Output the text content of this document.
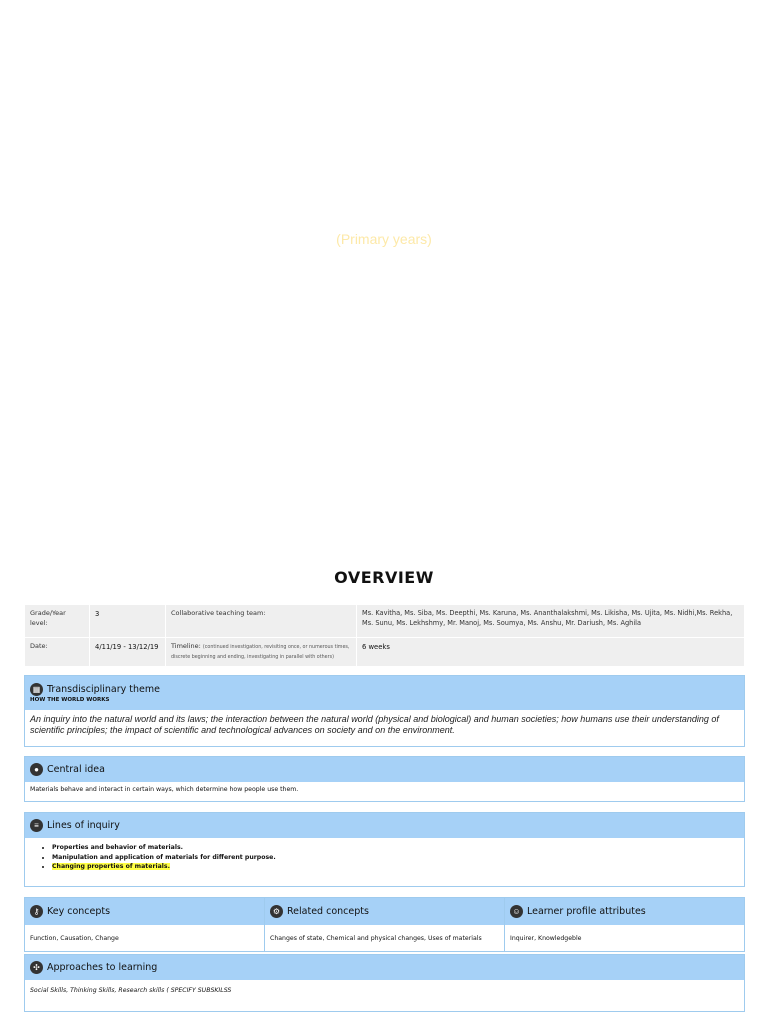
(Primary years)
OVERVIEW
Grade/Year level:	3	Collaborative teaching team:	Ms. Kavitha, Ms. Siba, Ms. Deepthi, Ms. Karuna, Ms. Ananthalakshmi, Ms. Likisha, Ms. Ujita, Ms. Nidhi,Ms. Rekha, Ms. Sunu, Ms. Lekhshmy, Mr. Manoj, Ms. Soumya, Ms. Anshu, Mr. Dariush, Ms. Aghila
Date:	4/11/19 - 13/12/19	Timeline: (continued investigation, revisiting once, or numerous times, discrete beginning and ending, investigating in parallel with others)	6 weeks
▦ Transdisciplinary theme
HOW THE WORLD WORKS
An inquiry into the natural world and its laws; the interaction between the natural world (physical and biological) and human societies; how humans use their understanding of scientific principles; the impact of scientific and technological advances on society and on the environment.
● Central idea
Materials behave and interact in certain ways, which determine how people use them.
≡ Lines of inquiry
• Properties and behavior of materials.
• Manipulation and application of materials for different purpose.
• Changing properties of materials.
⚷ Key concepts
Function, Causation, Change
⚙ Related concepts
Changes of state, Chemical and physical changes, Uses of materials
☺ Learner profile attributes
Inquirer, Knowledgeble
✣ Approaches to learning
Social Skills, Thinking Skills, Research skills ( SPECIFY SUBSKILSS
